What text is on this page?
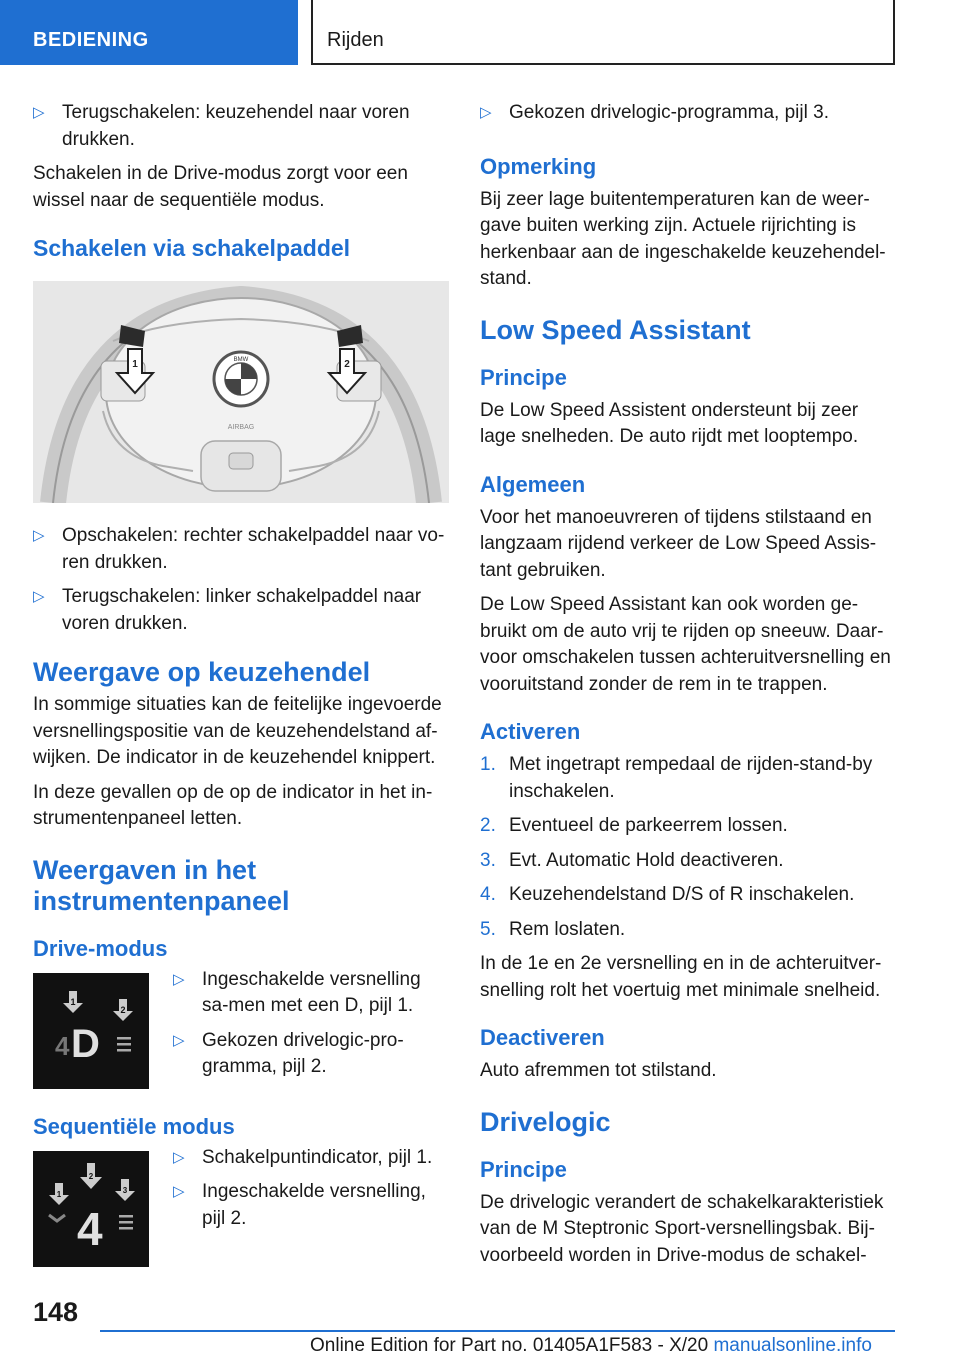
BEDIENING	Rijden
▷ Terugschakelen: keuzehendel naar voren drukken.

Schakelen in de Drive-modus zorgt voor een wissel naar de sequentiële modus.

Schakelen via schakelpaddel
AIRBAG
BMW
1	2
▷ Opschakelen: rechter schakelpaddel naar vo-ren drukken.
▷ Terugschakelen: linker schakelpaddel naar voren drukken.
Weergave op keuzehendel

In sommige situaties kan de feitelijke ingevoerde versnellingspositie van de keuzehendelstand af-wijken. De indicator in de keuzehendel knippert.

In deze gevallen op de op de indicator in het in-strumentenpaneel letten.

Weergaven in het instrumentenpaneel
Drive-modus
2
1
4 D
▷ Ingeschakelde versnelling sa-men met een D, pijl 1.
▷ Gekozen drivelogic-pro-gramma, pijl 2.
Sequentiële modus
1
2
3
4
▷ Schakelpuntindicator, pijl 1.
▷ Ingeschakelde versnelling, pijl 2.
▷ Gekozen drivelogic-programma, pijl 3.
Opmerking

Bij zeer lage buitentemperaturen kan de weer-gave buiten werking zijn. Actuele rijrichting is herkenbaar aan de ingeschakelde keuzehendel-stand.

Low Speed Assistant
Principe

De Low Speed Assistent ondersteunt bij zeer lage snelheden. De auto rijdt met looptempo.

Algemeen

Voor het manoeuvreren of tijdens stilstaand en langzaam rijdend verkeer de Low Speed Assis-tant gebruiken.

De Low Speed Assistant kan ook worden ge-bruikt om de auto vrij te rijden op sneeuw. Daar-voor omschakelen tussen achteruitversnelling en vooruitstand zonder de rem in te trappen.

Activeren
1. Met ingetrapt rempedaal de rijden-stand-by inschakelen.
2. Eventueel de parkeerrem lossen.
3. Evt. Automatic Hold deactiveren.
4. Keuzehendelstand D/S of R inschakelen.
5. Rem loslaten.

In de 1e en 2e versnelling en in de achteruitver-snelling rolt het voertuig met minimale snelheid.

Deactiveren

Auto afremmen tot stilstand.

Drivelogic
Principe

De drivelogic verandert de schakelkarakteristiek van de M Steptronic Sport-versnellingsbak. Bij-voorbeeld worden in Drive-modus de schakel-

148
Online Edition for Part no. 01405A1F583 - X/20 manualsonline.info
